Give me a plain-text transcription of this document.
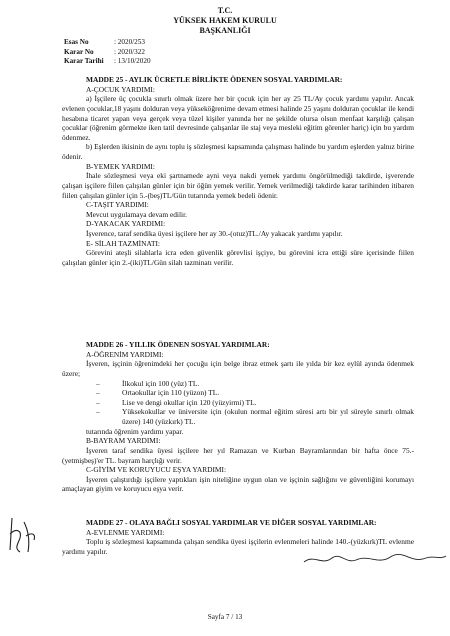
T.C.
YÜKSEK HAKEM KURULU
BAŞKANLIĞI
Esas No	: 2020/253
Karar No	: 2020/322
Karar Tarihi : 13/10/2020

MADDE 25 - AYLIK ÜCRETLE BİRLİKTE ÖDENEN SOSYAL YARDIMLAR:

A-ÇOCUK YARDIMI:

a) İşçilere üç çocukla sınırlı olmak üzere her bir çocuk için her ay 25 TL/Ay çocuk yardımı yapılır. Ancak evlenen çocuklar,18 yaşını dolduran veya yükseköğrenime devam etmesi halinde 25 yaşını dolduran çocuklar ile kendi hesabına ticaret yapan veya gerçek veya tüzel kişiler yanında her ne şekilde olursa olsun menfaat karşılığı çalışan çocuklar (öğrenim görmekte iken tatil devresinde çalışanlar ile staj veya mesleki eğitim görenler hariç) için bu yardım ödenmez.

b) Eşlerden ikisinin de aynı toplu iş sözleşmesi kapsamında çalışması halinde bu yardım eşlerden yalnız birine ödenir.

B-YEMEK YARDIMI:

İhale sözleşmesi veya eki şartnamede ayni veya nakdi yemek yardımı öngörülmediği takdirde, işverende çalışan işçilere fiilen çalışılan günler için bir öğün yemek verilir. Yemek verilmediği takdirde karar tarihinden itibaren fiilen çalışılan günler için 5.-(beş)TL/Gün tutarında yemek bedeli ödenir.

C-TAŞIT YARDIMI:

Mevcut uygulamaya devam edilir.

D-YAKACAK YARDIMI:

İşverence, taraf sendika üyesi işçilere her ay 30.-(otuz)TL./Ay yakacak yardımı yapılır.

E- SİLAH TAZMİNATI:

Görevini ateşli silahlarla icra eden güvenlik görevlisi işçiye, bu görevini icra ettiği süre içerisinde fiilen çalışılan günler için 2.-(iki)TL/Gün silah tazminatı verilir.

MADDE 26 - YILLIK ÖDENEN SOSYAL YARDIMLAR:

A-ÖĞRENİM YARDIMI:

İşveren, işçinin öğrenimdeki her çocuğu için belge ibraz etmek şartı ile yılda bir kez eylül ayında ödenmek üzere;

– İlkokul için 100 (yüz) TL.
– Ortaokullar için 110 (yüzon) TL.
– Lise ve dengi okullar için 120 (yüzyirmi) TL.
– Yüksekokullar ve üniversite için (okulun normal eğitim süresi artı bir yıl süreyle sınırlı olmak üzere) 140 (yüzkırk) TL.

tutarında öğrenim yardımı yapar.

B-BAYRAM YARDIMI:

İşveren taraf sendika üyesi işçilere her yıl Ramazan ve Kurban Bayramlarından bir hafta önce 75.-(yetmişbeş)'er TL. bayram harçlığı verir.

C-GİYİM VE KORUYUCU EŞYA YARDIMI:

İşveren çalıştırdığı işçilere yaptıkları işin niteliğine uygun olan ve işçinin sağlığını ve güvenliğini korumayı amaçlayan giyim ve koruyucu eşya verir.

MADDE 27 - OLAYA BAĞLI SOSYAL YARDIMLAR VE DİĞER SOSYAL YARDIMLAR:

A-EVLENME YARDIMI:

Toplu iş sözleşmesi kapsamında çalışan sendika üyesi işçilerin evlenmeleri halinde 140.-(yüzkırk)TL evlenme yardımı yapılır.

Sayfa 7 / 13
